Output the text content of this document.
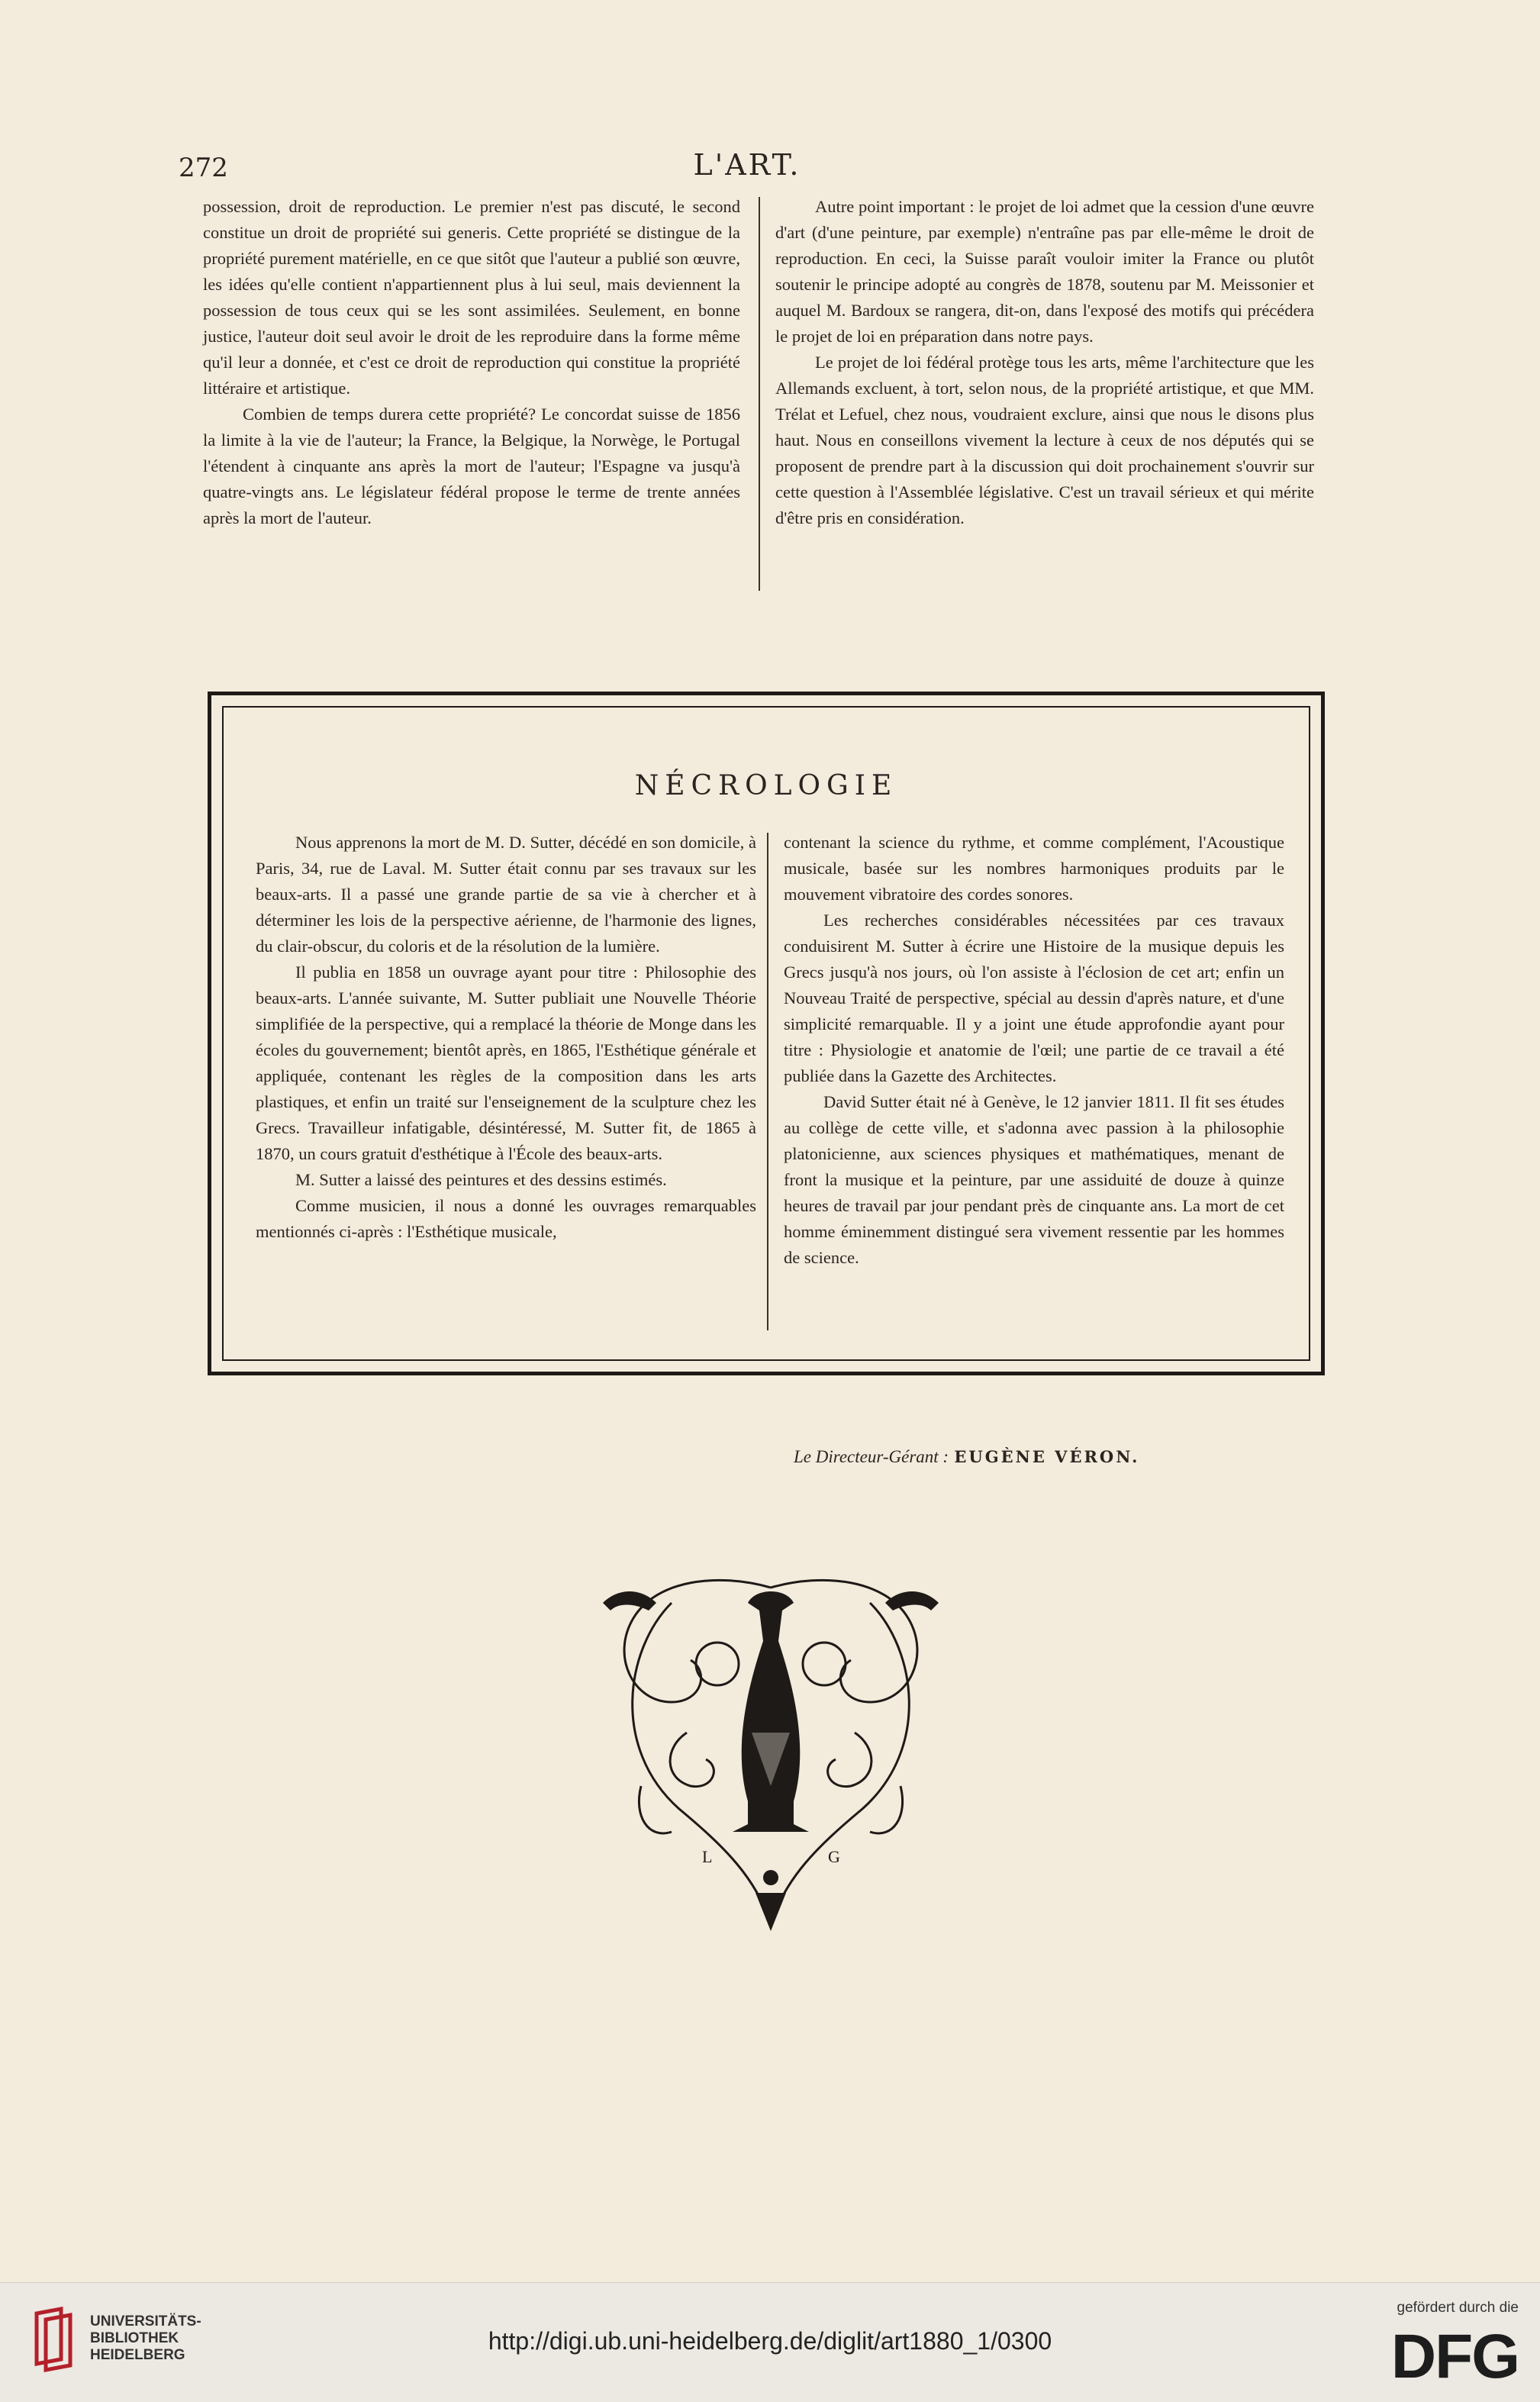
272	L'ART.

possession, droit de reproduction. Le premier n'est pas discuté, le second constitue un droit de propriété sui generis. Cette propriété se distingue de la propriété purement matérielle, en ce que sitôt que l'auteur a publié son œuvre, les idées qu'elle contient n'appartiennent plus à lui seul, mais deviennent la possession de tous ceux qui se les sont assimilées. Seulement, en bonne justice, l'auteur doit seul avoir le droit de les reproduire dans la forme même qu'il leur a donnée, et c'est ce droit de reproduction qui constitue la propriété littéraire et artistique.

Combien de temps durera cette propriété? Le concordat suisse de 1856 la limite à la vie de l'auteur; la France, la Belgique, la Norwège, le Portugal l'étendent à cinquante ans après la mort de l'auteur; l'Espagne va jusqu'à quatre-vingts ans. Le législateur fédéral propose le terme de trente années après la mort de l'auteur.

Autre point important : le projet de loi admet que la cession d'une œuvre d'art (d'une peinture, par exemple) n'entraîne pas par elle-même le droit de reproduction. En ceci, la Suisse paraît vouloir imiter la France ou plutôt soutenir le principe adopté au congrès de 1878, soutenu par M. Meissonier et auquel M. Bardoux se rangera, dit-on, dans l'exposé des motifs qui précédera le projet de loi en préparation dans notre pays.

Le projet de loi fédéral protège tous les arts, même l'architecture que les Allemands excluent, à tort, selon nous, de la propriété artistique, et que MM. Trélat et Lefuel, chez nous, voudraient exclure, ainsi que nous le disons plus haut. Nous en conseillons vivement la lecture à ceux de nos députés qui se proposent de prendre part à la discussion qui doit prochainement s'ouvrir sur cette question à l'Assemblée législative. C'est un travail sérieux et qui mérite d'être pris en considération.

NÉCROLOGIE

Nous apprenons la mort de M. D. Sutter, décédé en son domicile, à Paris, 34, rue de Laval. M. Sutter était connu par ses travaux sur les beaux-arts. Il a passé une grande partie de sa vie à chercher et à déterminer les lois de la perspective aérienne, de l'harmonie des lignes, du clair-obscur, du coloris et de la résolution de la lumière.

Il publia en 1858 un ouvrage ayant pour titre : Philosophie des beaux-arts. L'année suivante, M. Sutter publiait une Nouvelle Théorie simplifiée de la perspective, qui a remplacé la théorie de Monge dans les écoles du gouvernement; bientôt après, en 1865, l'Esthétique générale et appliquée, contenant les règles de la composition dans les arts plastiques, et enfin un traité sur l'enseignement de la sculpture chez les Grecs. Travailleur infatigable, désintéressé, M. Sutter fit, de 1865 à 1870, un cours gratuit d'esthétique à l'École des beaux-arts.

M. Sutter a laissé des peintures et des dessins estimés.

Comme musicien, il nous a donné les ouvrages remarquables mentionnés ci-après : l'Esthétique musicale,

contenant la science du rythme, et comme complément, l'Acoustique musicale, basée sur les nombres harmoniques produits par le mouvement vibratoire des cordes sonores.

Les recherches considérables nécessitées par ces travaux conduisirent M. Sutter à écrire une Histoire de la musique depuis les Grecs jusqu'à nos jours, où l'on assiste à l'éclosion de cet art; enfin un Nouveau Traité de perspective, spécial au dessin d'après nature, et d'une simplicité remarquable. Il y a joint une étude approfondie ayant pour titre : Physiologie et anatomie de l'œil; une partie de ce travail a été publiée dans la Gazette des Architectes.

David Sutter était né à Genève, le 12 janvier 1811. Il fit ses études au collège de cette ville, et s'adonna avec passion à la philosophie platonicienne, aux sciences physiques et mathématiques, menant de front la musique et la peinture, par une assiduité de douze à quinze heures de travail par jour pendant près de cinquante ans. La mort de cet homme éminemment distingué sera vivement ressentie par les hommes de science.

Le Directeur-Gérant : EUGÈNE VÉRON.
L	G
UNIVERSITÄTS-
BIBLIOTHEK
HEIDELBERG
http://digi.ub.uni-heidelberg.de/diglit/art1880_1/0300
gefördert durch die
DFG
